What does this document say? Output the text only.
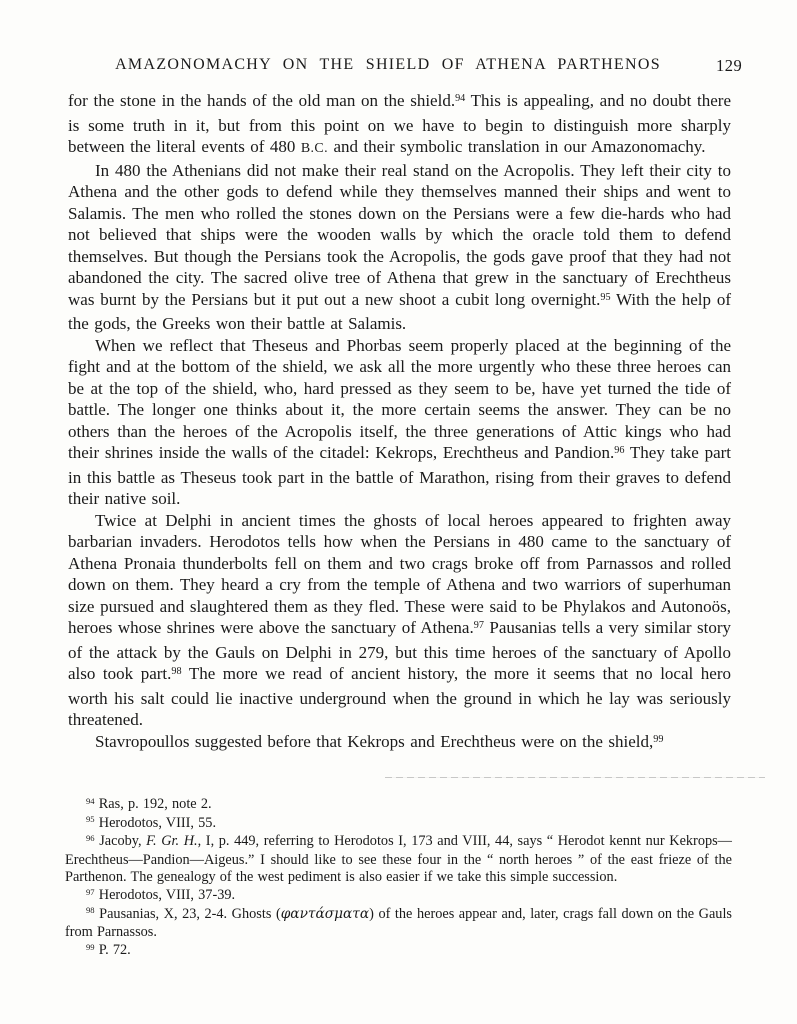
AMAZONOMACHY ON THE SHIELD OF ATHENA PARTHENOS	129

for the stone in the hands of the old man on the shield.$^{94}$ This is appealing, and no doubt there is some truth in it, but from this point on we have to begin to distinguish more sharply between the literal events of 480 B.C. and their symbolic translation in our Amazonomachy.

In 480 the Athenians did not make their real stand on the Acropolis. They left their city to Athena and the other gods to defend while they themselves manned their ships and went to Salamis. The men who rolled the stones down on the Persians were a few die-hards who had not believed that ships were the wooden walls by which the oracle told them to defend themselves. But though the Persians took the Acropolis, the gods gave proof that they had not abandoned the city. The sacred olive tree of Athena that grew in the sanctuary of Erechtheus was burnt by the Persians but it put out a new shoot a cubit long overnight.$^{95}$ With the help of the gods, the Greeks won their battle at Salamis.

When we reflect that Theseus and Phorbas seem properly placed at the beginning of the fight and at the bottom of the shield, we ask all the more urgently who these three heroes can be at the top of the shield, who, hard pressed as they seem to be, have yet turned the tide of battle. The longer one thinks about it, the more certain seems the answer. They can be no others than the heroes of the Acropolis itself, the three generations of Attic kings who had their shrines inside the walls of the citadel: Kekrops, Erechtheus and Pandion.$^{96}$ They take part in this battle as Theseus took part in the battle of Marathon, rising from their graves to defend their native soil.

Twice at Delphi in ancient times the ghosts of local heroes appeared to frighten away barbarian invaders. Herodotos tells how when the Persians in 480 came to the sanctuary of Athena Pronaia thunderbolts fell on them and two crags broke off from Parnassos and rolled down on them. They heard a cry from the temple of Athena and two warriors of superhuman size pursued and slaughtered them as they fled. These were said to be Phylakos and Autonoös, heroes whose shrines were above the sanctuary of Athena.$^{97}$ Pausanias tells a very similar story of the attack by the Gauls on Delphi in 279, but this time heroes of the sanctuary of Apollo also took part.$^{98}$ The more we read of ancient history, the more it seems that no local hero worth his salt could lie inactive underground when the ground in which he lay was seriously threatened.

Stavropoullos suggested before that Kekrops and Erechtheus were on the shield,$^{99}$

$^{94}$ Ras, p. 192, note 2.

$^{95}$ Herodotos, VIII, 55.

$^{96}$ Jacoby, F. Gr. H., I, p. 449, referring to Herodotos I, 173 and VIII, 44, says “ Herodot kennt nur Kekrops—Erechtheus—Pandion—Aigeus.” I should like to see these four in the “ north heroes ” of the east frieze of the Parthenon. The genealogy of the west pediment is also easier if we take this simple succession.

$^{97}$ Herodotos, VIII, 37-39.

$^{98}$ Pausanias, X, 23, 2-4. Ghosts (φαντάσματα) of the heroes appear and, later, crags fall down on the Gauls from Parnassos.

$^{99}$ P. 72.
